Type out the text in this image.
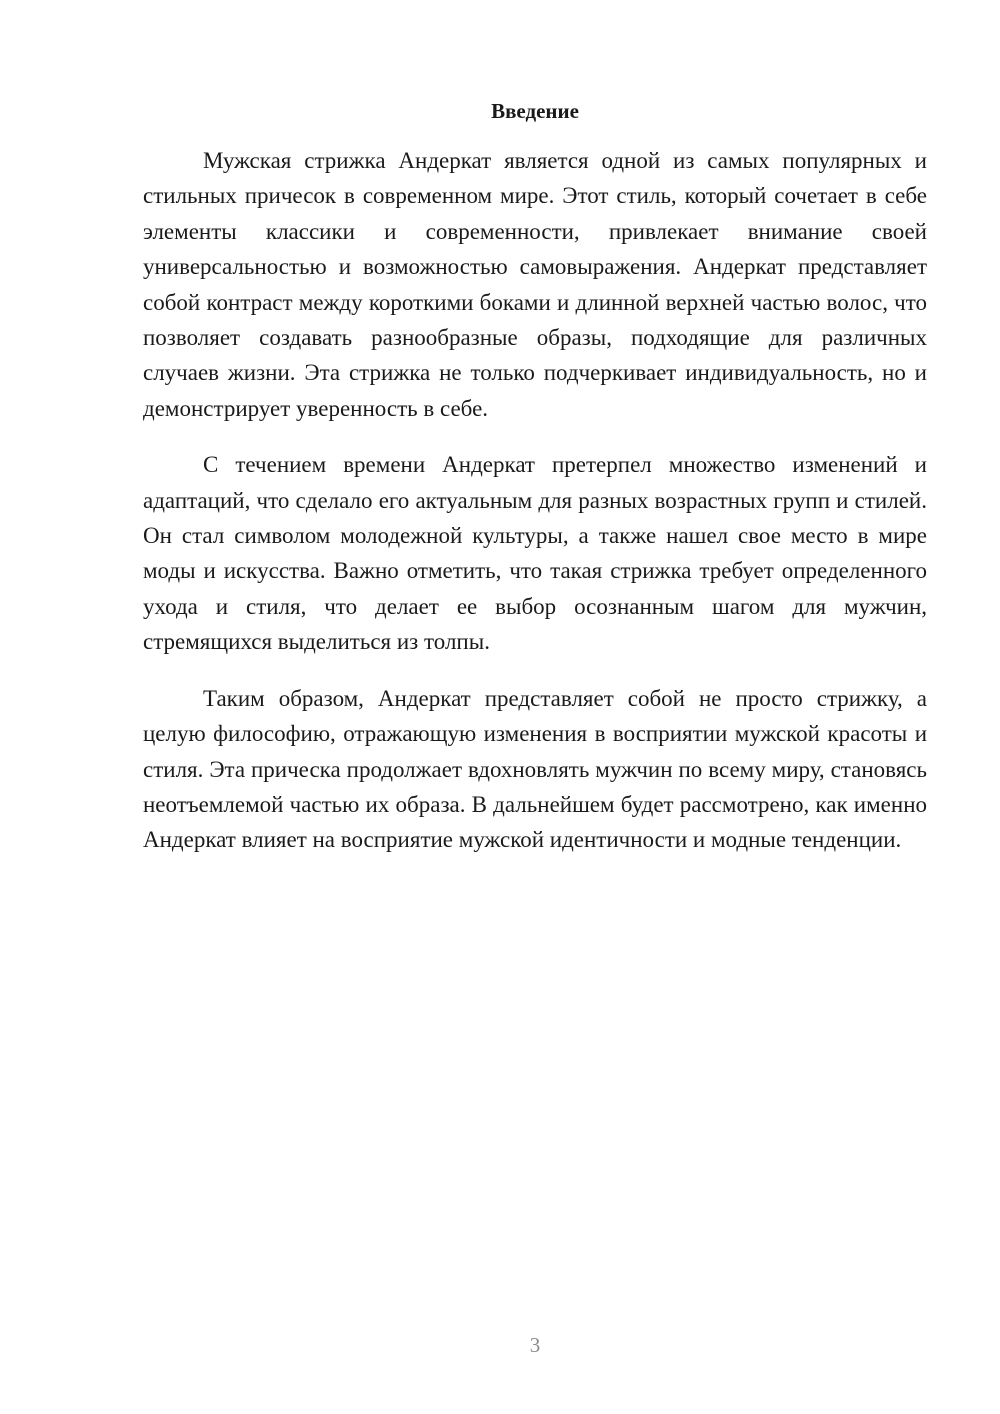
Введение

Мужская стрижка Андеркат является одной из самых популярных и стильных причесок в современном мире. Этот стиль, который сочетает в себе элементы классики и современности, привлекает внимание своей универсальностью и возможностью самовыражения. Андеркат представляет собой контраст между короткими боками и длинной верхней частью волос, что позволяет создавать разнообразные образы, подходящие для различных случаев жизни. Эта стрижка не только подчеркивает индивидуальность, но и демонстрирует уверенность в себе.

С течением времени Андеркат претерпел множество изменений и адаптаций, что сделало его актуальным для разных возрастных групп и стилей. Он стал символом молодежной культуры, а также нашел свое место в мире моды и искусства. Важно отметить, что такая стрижка требует определенного ухода и стиля, что делает ее выбор осознанным шагом для мужчин, стремящихся выделиться из толпы.

Таким образом, Андеркат представляет собой не просто стрижку, а целую философию, отражающую изменения в восприятии мужской красоты и стиля. Эта прическа продолжает вдохновлять мужчин по всему миру, становясь неотъемлемой частью их образа. В дальнейшем будет рассмотрено, как именно Андеркат влияет на восприятие мужской идентичности и модные тенденции.

3
